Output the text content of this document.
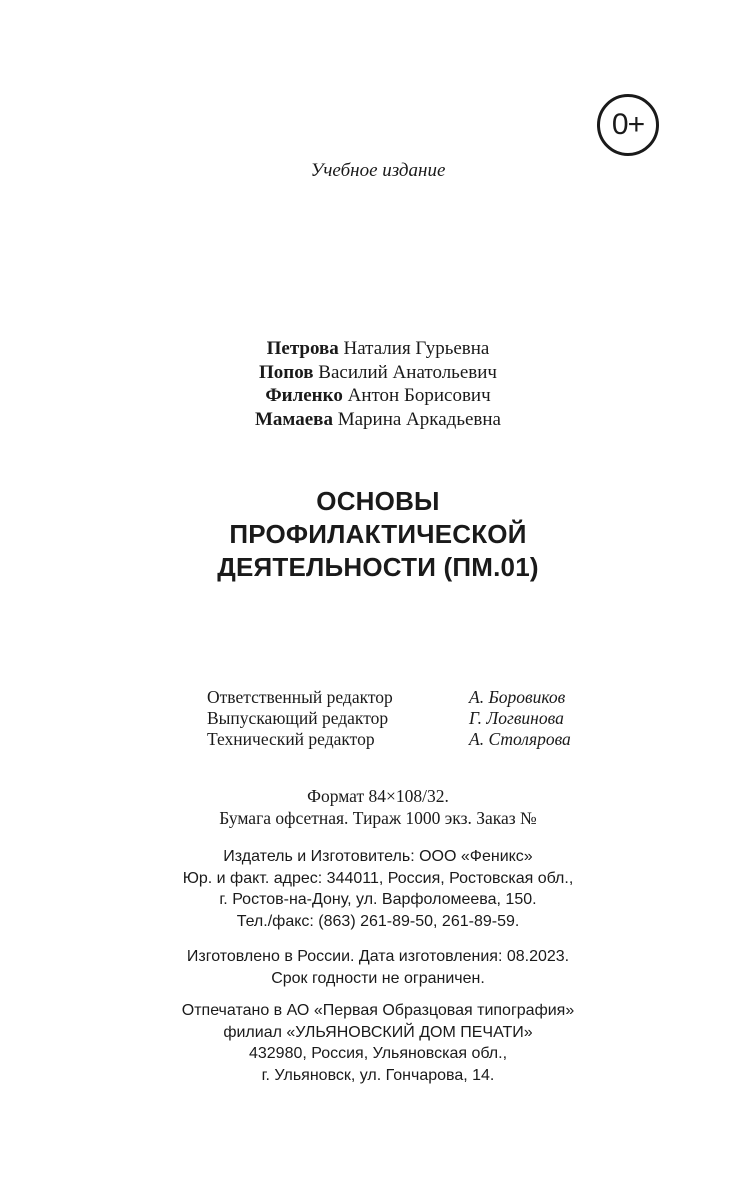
0+
Учебное издание
Петрова Наталия Гурьевна
Попов Василий Анатольевич
Филенко Антон Борисович
Мамаева Марина Аркадьевна
ОСНОВЫ
ПРОФИЛАКТИЧЕСКОЙ
ДЕЯТЕЛЬНОСТИ (ПМ.01)
Ответственный редактор	А. Боровиков
Выпускающий редактор	Г. Логвинова
Технический редактор	А. Столярова
Формат 84×108/32.
Бумага офсетная. Тираж 1000 экз. Заказ №
Издатель и Изготовитель: ООО «Феникс»
Юр. и факт. адрес: 344011, Россия, Ростовская обл.,
г. Ростов-на-Дону, ул. Варфоломеева, 150.
Тел./факс: (863) 261-89-50, 261-89-59.
Изготовлено в России. Дата изготовления: 08.2023.
Срок годности не ограничен.
Отпечатано в АО «Первая Образцовая типография»
филиал «УЛЬЯНОВСКИЙ ДОМ ПЕЧАТИ»
432980, Россия, Ульяновская обл.,
г. Ульяновск, ул. Гончарова, 14.
